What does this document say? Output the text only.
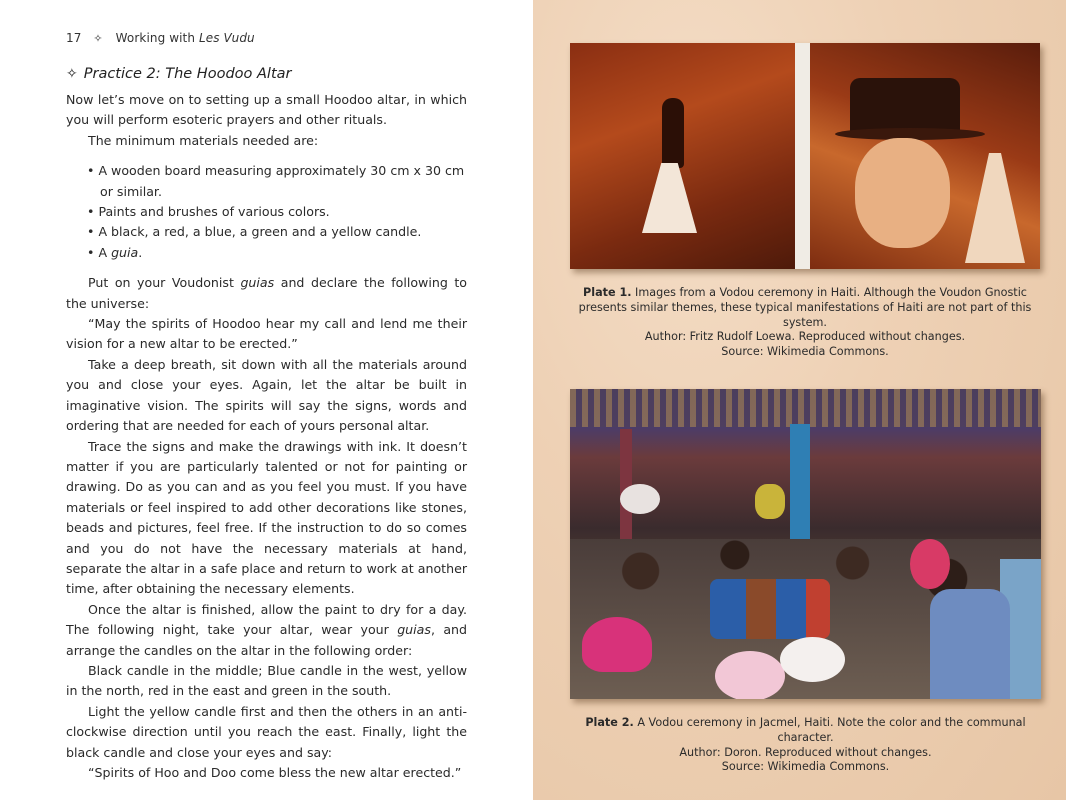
17 ✧ Working with Les Vudu
✧ Practice 2: The Hoodoo Altar

Now let’s move on to setting up a small Hoodoo altar, in which you will perform esoteric prayers and other rituals.

The minimum materials needed are:

• A wooden board measuring approximately 30 cm x 30 cm or similar.
• Paints and brushes of various colors.
• A black, a red, a blue, a green and a yellow candle.
• A guia.

Put on your Voudonist guias and declare the following to the universe:

“May the spirits of Hoodoo hear my call and lend me their vision for a new altar to be erected.”

Take a deep breath, sit down with all the materials around you and close your eyes. Again, let the altar be built in imaginative vision. The spirits will say the signs, words and ordering that are needed for each of yours personal altar.

Trace the signs and make the drawings with ink. It doesn’t matter if you are particularly talented or not for painting or drawing. Do as you can and as you feel you must. If you have materials or feel inspired to add other decorations like stones, beads and pictures, feel free. If the instruction to do so comes and you do not have the necessary materials at hand, separate the altar in a safe place and return to work at another time, after obtaining the necessary elements.

Once the altar is finished, allow the paint to dry for a day. The following night, take your altar, wear your guias, and arrange the candles on the altar in the following order:

Black candle in the middle; Blue candle in the west, yellow in the north, red in the east and green in the south.

Light the yellow candle first and then the others in an anti-clockwise direction until you reach the east. Finally, light the black candle and close your eyes and say:

“Spirits of Hoo and Doo come bless the new altar erected.”

Plate 1. Images from a Vodou ceremony in Haiti. Although the Voudon Gnostic presents similar themes, these typical manifestations of Haiti are not part of this system.
Author: Fritz Rudolf Loewa. Reproduced without changes.
Source: Wikimedia Commons.
Plate 2. A Vodou ceremony in Jacmel, Haiti. Note the color and the communal character.
Author: Doron. Reproduced without changes.
Source: Wikimedia Commons.
